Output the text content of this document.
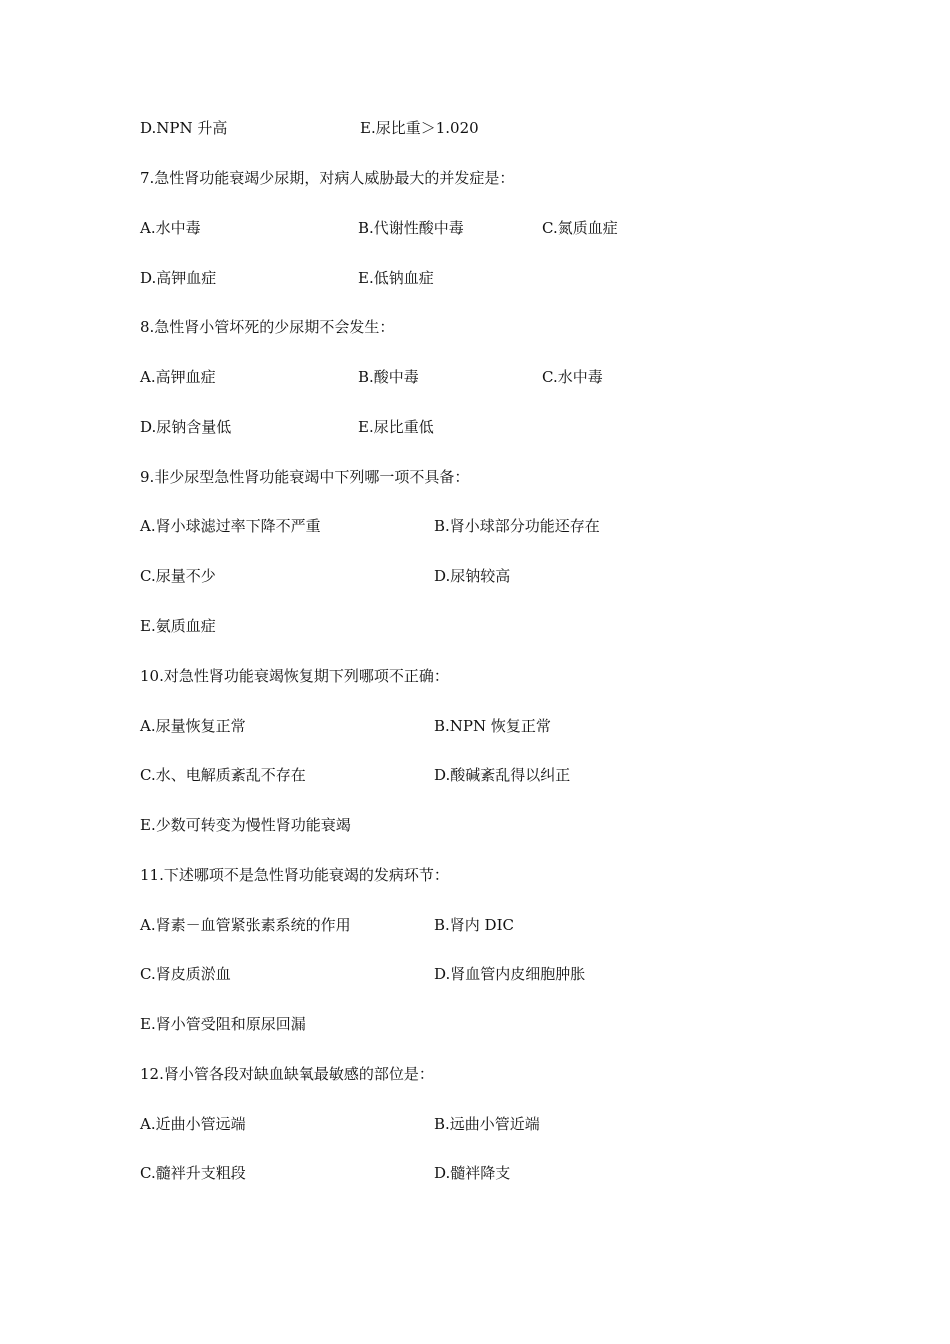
D.NPN 升高	E.尿比重＞1.020
7.急性肾功能衰竭少尿期，对病人威胁最大的并发症是：
A.水中毒	B.代谢性酸中毒	C.氮质血症
D.高钾血症	E.低钠血症
8.急性肾小管坏死的少尿期不会发生：
A.高钾血症	B.酸中毒	C.水中毒
D.尿钠含量低	E.尿比重低
9.非少尿型急性肾功能衰竭中下列哪一项不具备：
A.肾小球滤过率下降不严重	B.肾小球部分功能还存在
C.尿量不少	D.尿钠较高
E.氨质血症
10.对急性肾功能衰竭恢复期下列哪项不正确：
A.尿量恢复正常	B.NPN 恢复正常
C.水、电解质紊乱不存在	D.酸碱紊乱得以纠正
E.少数可转变为慢性肾功能衰竭
11.下述哪项不是急性肾功能衰竭的发病环节：
A.肾素－血管紧张素系统的作用	B.肾内 DIC
C.肾皮质淤血	D.肾血管内皮细胞肿胀
E.肾小管受阻和原尿回漏
12.肾小管各段对缺血缺氧最敏感的部位是：
A.近曲小管远端	B.远曲小管近端
C.髓袢升支粗段	D.髓袢降支
